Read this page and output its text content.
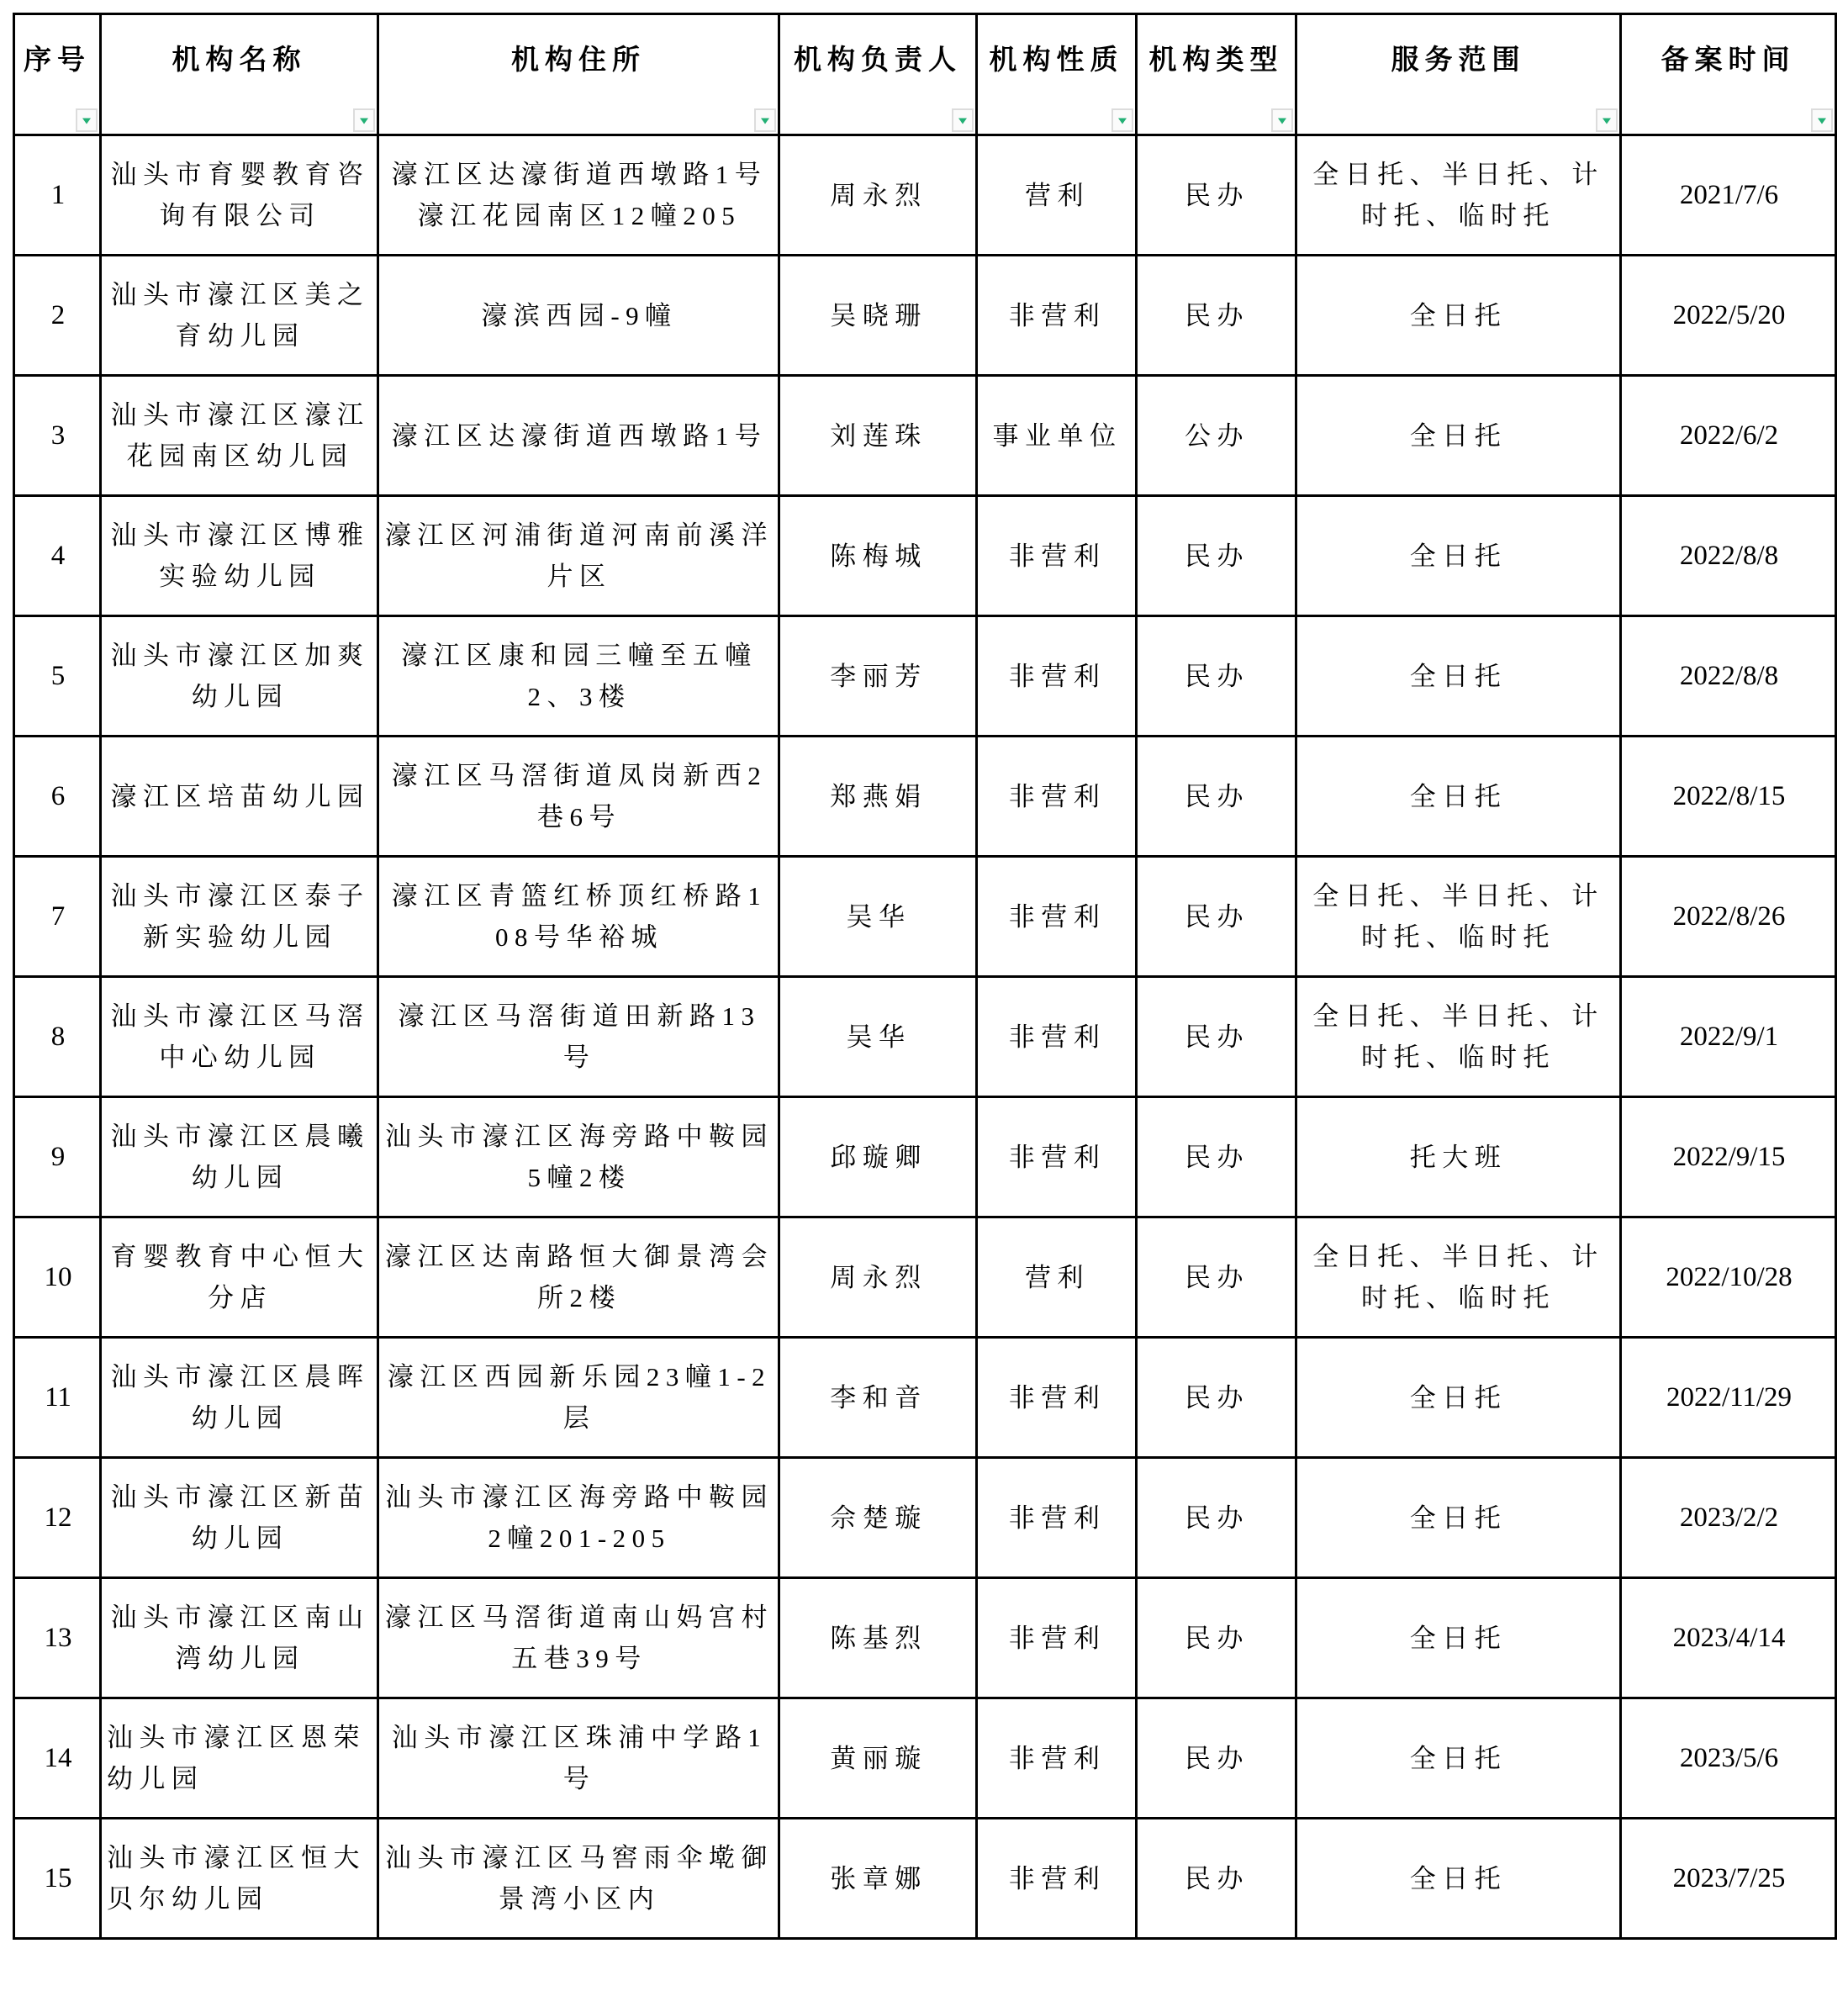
序号	机构名称	机构住所	机构负责人	机构性质	机构类型	服务范围	备案时间

1	汕头市育婴教育咨询有限公司	濠江区达濠街道西墩路1号濠江花园南区12幢205	周永烈	营利	民办	全日托、半日托、计时托、临时托	2021/7/6

2	汕头市濠江区美之育幼儿园	濠滨西园-9幢	吴晓珊	非营利	民办	全日托	2022/5/20

3	汕头市濠江区濠江花园南区幼儿园	濠江区达濠街道西墩路1号	刘莲珠	事业单位	公办	全日托	2022/6/2

4	汕头市濠江区博雅实验幼儿园	濠江区河浦街道河南前溪洋片区	陈梅城	非营利	民办	全日托	2022/8/8

5	汕头市濠江区加爽幼儿园	濠江区康和园三幢至五幢2、3楼	李丽芳	非营利	民办	全日托	2022/8/8

6	濠江区培苗幼儿园	濠江区马滘街道凤岗新西2巷6号	郑燕娟	非营利	民办	全日托	2022/8/15

7	汕头市濠江区泰子新实验幼儿园	濠江区青篮红桥顶红桥路108号华裕城	吴华	非营利	民办	全日托、半日托、计时托、临时托	2022/8/26

8	汕头市濠江区马滘中心幼儿园	濠江区马滘街道田新路13号	吴华	非营利	民办	全日托、半日托、计时托、临时托	2022/9/1

9	汕头市濠江区晨曦幼儿园	汕头市濠江区海旁路中鞍园5幢2楼	邱璇卿	非营利	民办	托大班	2022/9/15

10	育婴教育中心恒大分店	濠江区达南路恒大御景湾会所2楼	周永烈	营利	民办	全日托、半日托、计时托、临时托	2022/10/28

11	汕头市濠江区晨晖幼儿园	濠江区西园新乐园23幢1-2层	李和音	非营利	民办	全日托	2022/11/29

12	汕头市濠江区新苗幼儿园	汕头市濠江区海旁路中鞍园2幢201-205	佘楚璇	非营利	民办	全日托	2023/2/2

13	汕头市濠江区南山湾幼儿园	濠江区马滘街道南山妈宫村五巷39号	陈基烈	非营利	民办	全日托	2023/4/14

14	汕头市濠江区恩荣幼儿园	汕头市濠江区珠浦中学路1号	黄丽璇	非营利	民办	全日托	2023/5/6

15	汕头市濠江区恒大贝尔幼儿园	汕头市濠江区马窖雨伞墘御景湾小区内	张章娜	非营利	民办	全日托	2023/7/25
